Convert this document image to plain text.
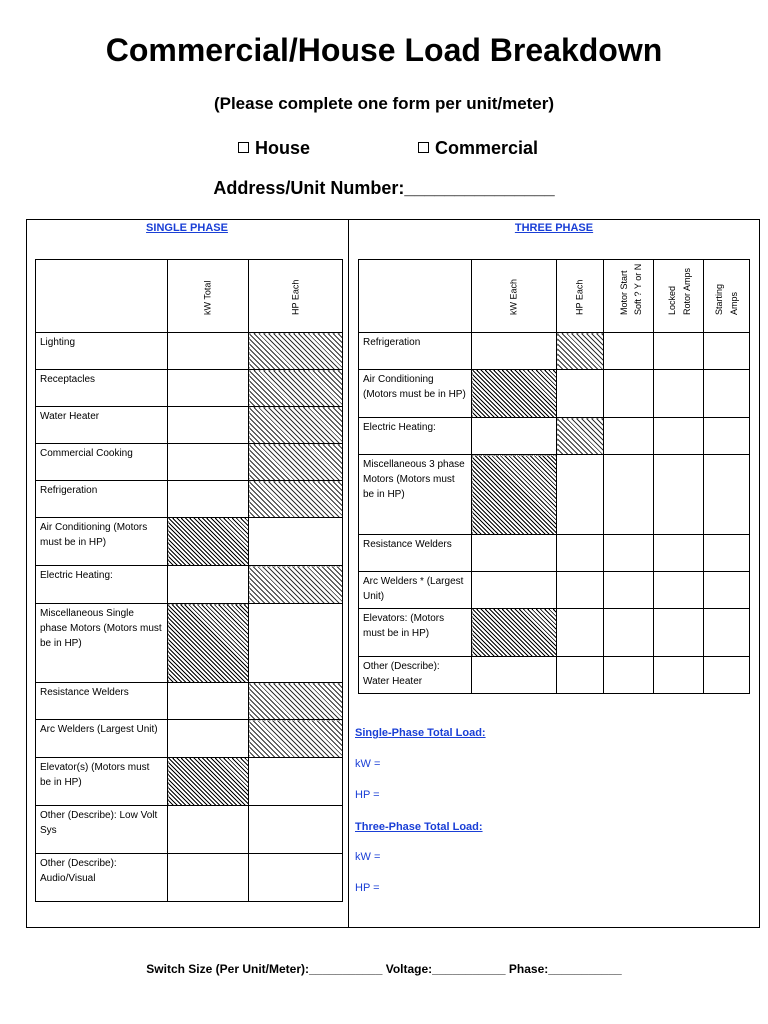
Commercial/House Load Breakdown
(Please complete one form per unit/meter)
House	Commercial
Address/Unit Number:_______________
SINGLE PHASE	THREE PHASE

	kW Total	HP Each

Lighting		
Receptacles		
Water Heater		
Commercial Cooking		
Refrigeration		
Air Conditioning (Motors must be in HP)		
Electric Heating:		
Miscellaneous Single phase Motors (Motors must be in HP)		
Resistance Welders		
Arc Welders (Largest Unit)		
Elevator(s) (Motors must be in HP)		
Other (Describe): Low Volt Sys		
Other (Describe): Audio/Visual		

	kW Each	HP Each	Motor Start Soft ? Y or N	Locked Rotor Amps	Starting Amps

Refrigeration					
Air Conditioning (Motors must be in HP)					
Electric Heating:					
Miscellaneous 3 phase Motors (Motors must be in HP)					
Resistance Welders					
Arc Welders * (Largest Unit)					
Elevators: (Motors must be in HP)					
Other (Describe): Water Heater					
Single-Phase Total Load:
kW =
HP =
Three-Phase Total Load:
kW =
HP =
Switch Size (Per Unit/Meter):___________ Voltage:___________ Phase:___________
